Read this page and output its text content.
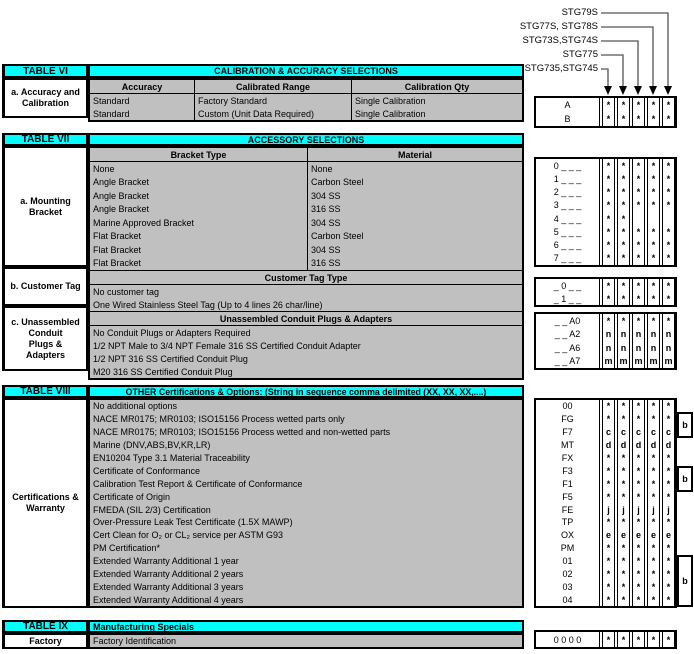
STG79S
STG77S, STG78S
STG73S,STG74S
STG775
STG735,STG745
TABLE VI	CALIBRATION & ACCURACY SELECTIONS
a. Accuracy and
Calibration
Accuracy	Calibrated Range	Calibration Qty
Standard	Factory Standard	Single Calibration
Standard	Custom (Unit Data Required)	Single Calibration
A	*	*	*	*	*
B	*	*	*	*	*
TABLE VII	ACCESSORY SELECTIONS
a. Mounting
Bracket
b. Customer Tag
c. Unassembled
Conduit
Plugs &
Adapters
Bracket Type	Material
None	None
Angle Bracket	Carbon Steel
Angle Bracket	304 SS
Angle Bracket	316 SS
Marine Approved Bracket	304 SS
Flat Bracket	Carbon Steel
Flat Bracket	304 SS
Flat Bracket	316 SS
Customer Tag Type
No customer tag
One Wired Stainless Steel Tag (Up to 4 lines 26 char/line)
Unassembled Conduit Plugs & Adapters
No Conduit Plugs or Adapters Required
1/2 NPT Male to 3/4 NPT Female 316 SS Certified Conduit Adapter
1/2 NPT 316 SS Certified Conduit Plug
M20 316 SS Certified Conduit Plug
0 _ _ _	*	*	*	*	*
1 _ _ _	*	*	*	*	*
2 _ _ _	*	*	*	*	*
3 _ _ _	*	*	*	*	*
4 _ _ _	*	*
5 _ _ _	*	*	*	*	*
6 _ _ _	*	*	*	*	*
7 _ _ _	*	*	*	*	*
_ 0 _ _	*	*	*	*	*
_ 1 _ _	*	*	*	*	*
_ _ A0	*	*	*	*	*
_ _ A2	n	n	n	n	n
_ _ A6	n	n	n	n	n
_ _ A7	m m m m m
TABLE VIII	OTHER Certifications & Options: (String in sequence comma delimited (XX, XX, XX,....)
Certifications &
Warranty
No additional options
NACE MR0175; MR0103; ISO15156 Process wetted parts only
NACE MR0175; MR0103; ISO15156 Process wetted and non-wetted parts
Marine (DNV,ABS,BV,KR,LR)
EN10204 Type 3.1 Material Traceability
Certificate of Conformance
Calibration Test Report & Certificate of Conformance
Certificate of Origin
FMEDA (SIL 2/3) Certification
Over-Pressure Leak Test Certificate (1.5X MAWP)
Cert Clean for O₂ or CL₂ service per ASTM G93
PM Certification*
Extended Warranty Additional 1 year
Extended Warranty Additional 2 years
Extended Warranty Additional 3 years
Extended Warranty Additional 4 years
00	*	*	*	*	*
FG	*	*	*	*	*
F7	c	c	c	c	c
MT	d	d	d	d	d
FX	*	*	*	*	*
F3	*	*	*	*	*
F1	*	*	*	*	*
F5	*	*	*	*	*
FE	j	j	j	j	j
TP	*	*	*	*	*
OX	e	e	e	e	e
PM	*	*	*	*	*
01	*	*	*	*	*
02	*	*	*	*	*
03	*	*	*	*	*
04	*	*	*	*	*
b
b
b
TABLE IX	Manufacturing Specials
Factory	Factory Identification	0 0 0 0	*	*	*	*	*
